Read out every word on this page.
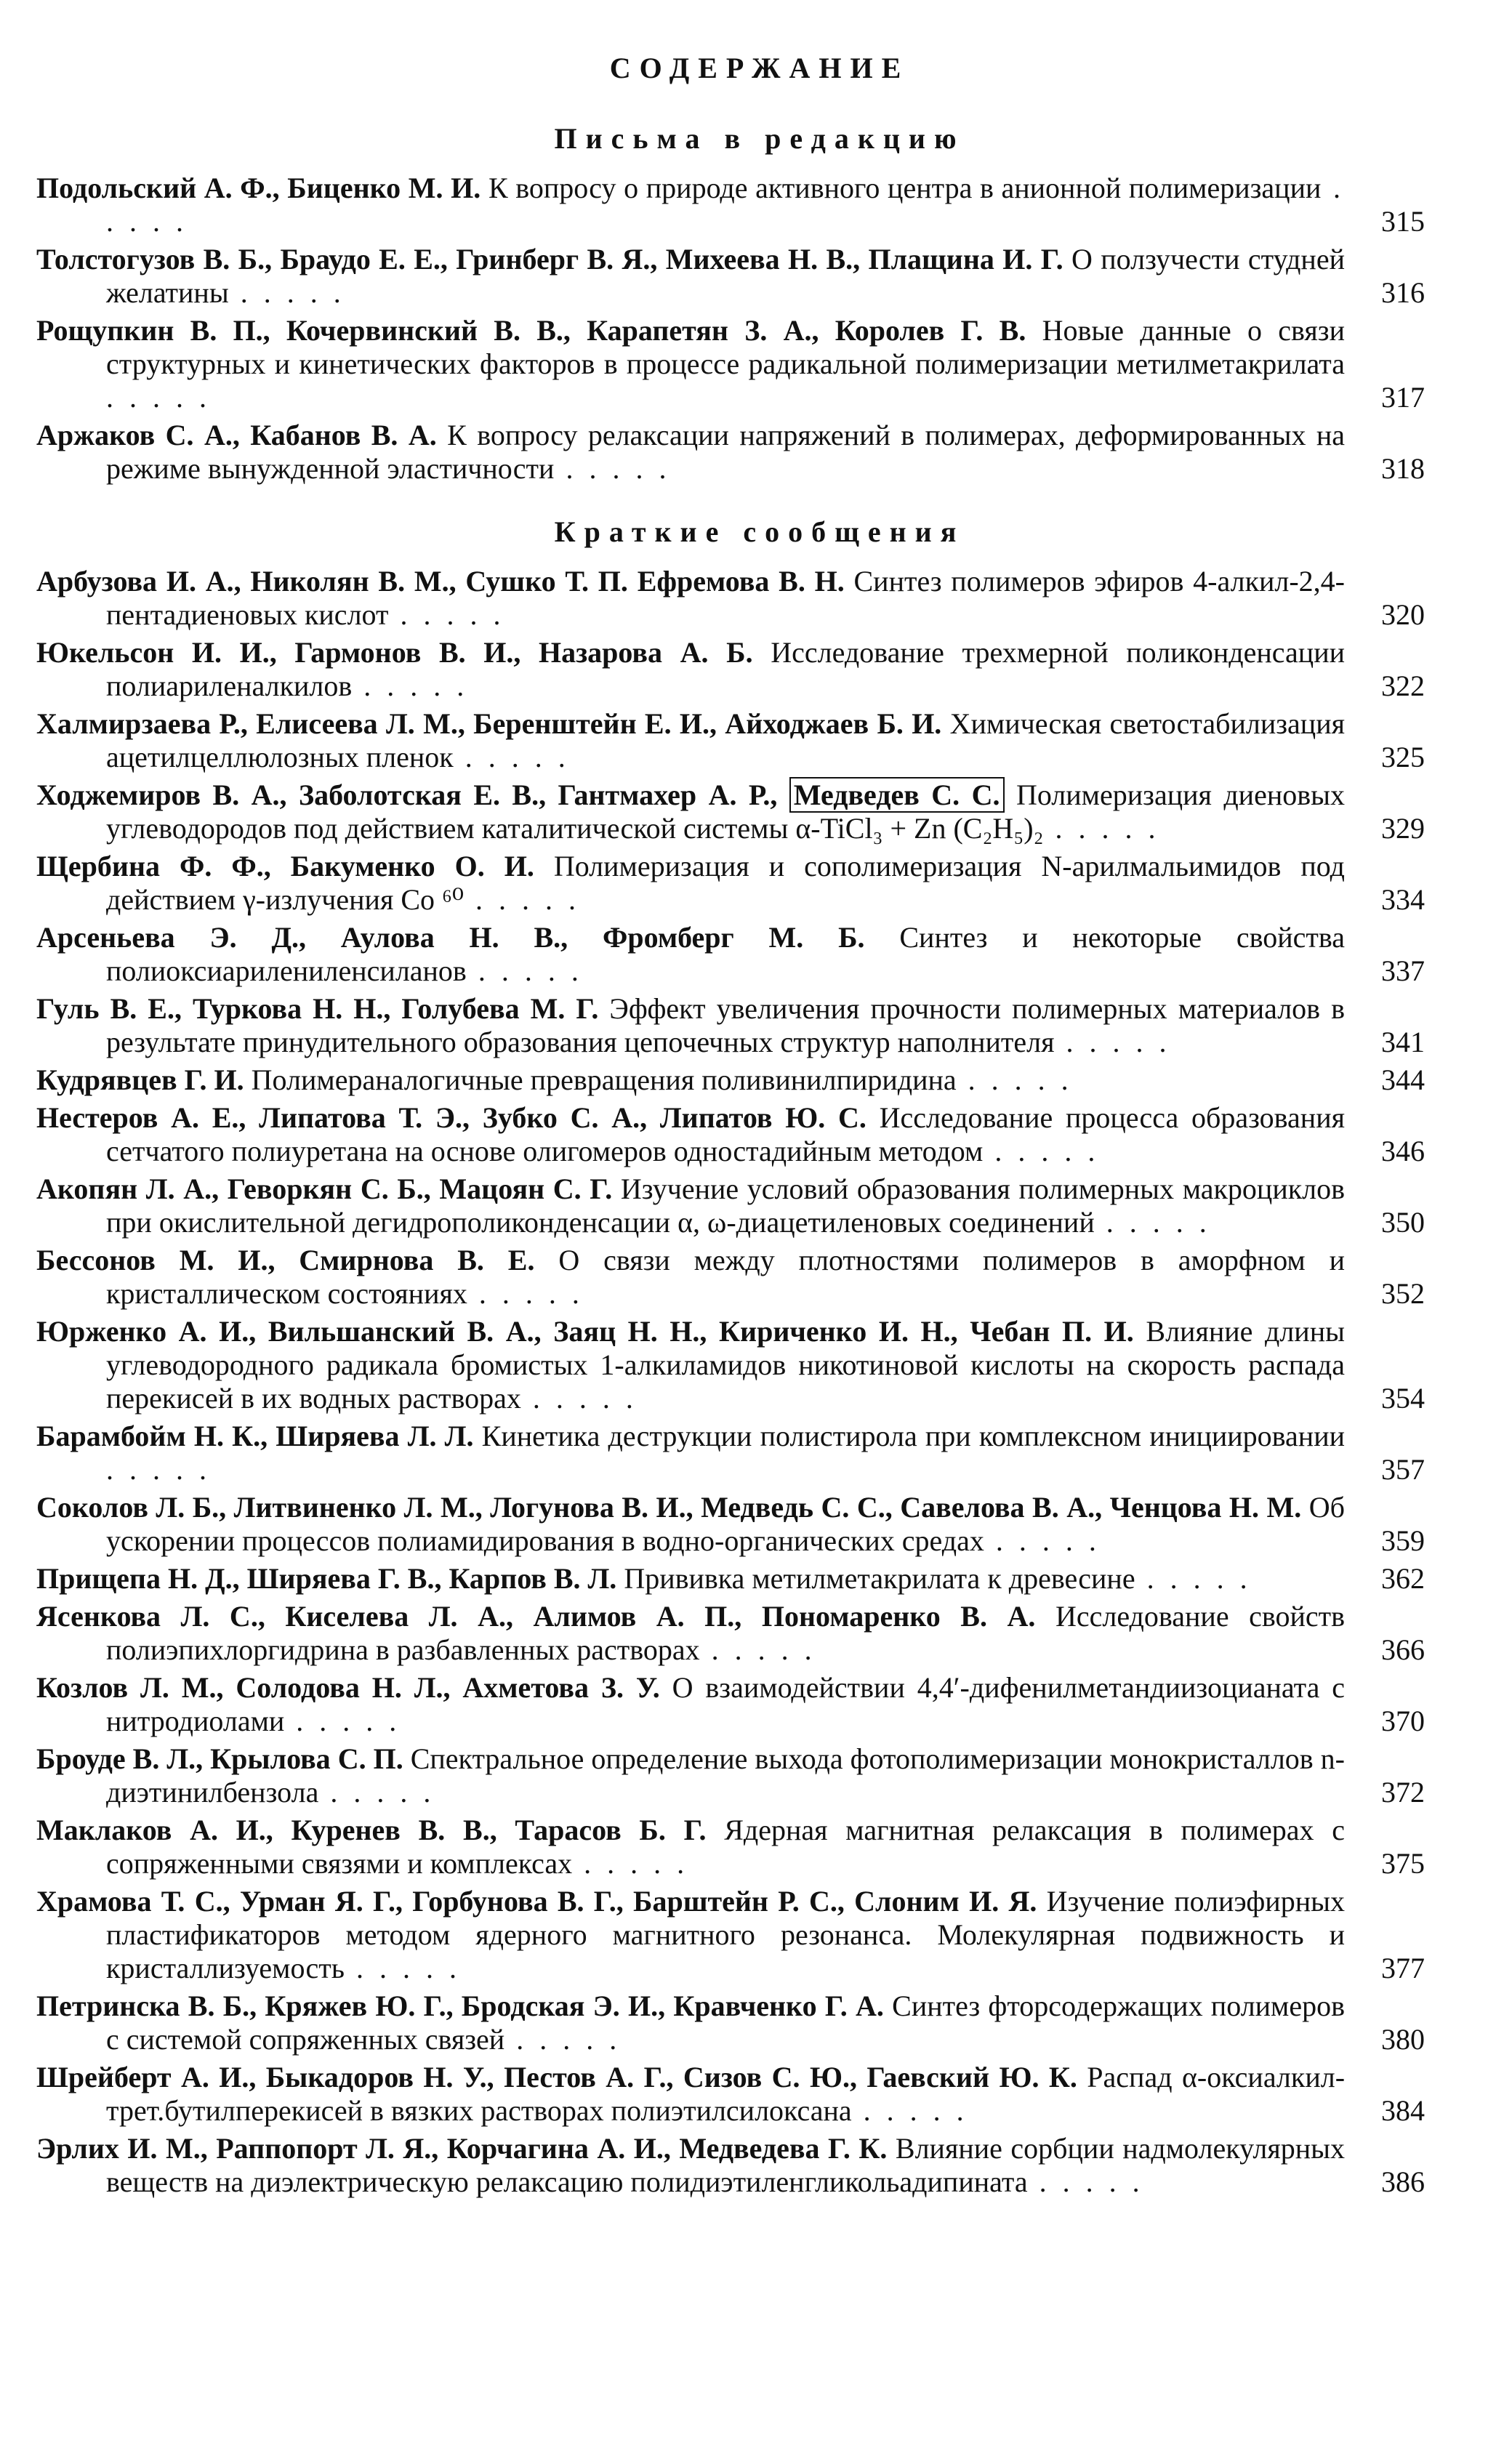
СОДЕРЖАНИЕ
Письма в редакцию
Подольский А. Ф., Биценко М. И. К вопросу о природе активного центра в анионной полимеризации . . . . .	315
Толстогузов В. Б., Браудо Е. Е., Гринберг В. Я., Михеева Н. В., Плащина И. Г. О ползучести студней желатины . . . . .	316
Рощупкин В. П., Кочервинский В. В., Карапетян З. А., Королев Г. В. Новые данные о связи структурных и кинетических факторов в процессе радикальной полимеризации метилметакрилата . . . . .	317
Аржаков С. А., Кабанов В. А. К вопросу релаксации напряжений в полимерах, деформированных на режиме вынужденной эластичности . . . . .	318
Краткие сообщения
Арбузова И. А., Николян В. М., Сушко Т. П. Ефремова В. Н. Синтез полимеров эфиров 4-алкил-2,4-пентадиеновых кислот . . . . .	320
Юкельсон И. И., Гармонов В. И., Назарова А. Б. Исследование трехмерной поликонденсации полиариленалкилов . . . . .	322
Халмирзаева Р., Елисеева Л. М., Беренштейн Е. И., Айходжаев Б. И. Химическая светостабилизация ацетилцеллюлозных пленок . . . . .	325
Ходжемиров В. А., Заболотская Е. В., Гантмахер А. Р., Медведев С. С. Полимеризация диеновых углеводородов под действием каталитической системы α-TiCl₃ + Zn (C₂H₅)₂ . . . . .	329
Щербина Ф. Ф., Бакуменко О. И. Полимеризация и сополимеризация N-арилмальимидов под действием γ-излучения Co ⁶⁰ . . . . .	334
Арсеньева Э. Д., Аулова Н. В., Фромберг М. Б. Синтез и некоторые свойства полиоксиарилениленсиланов . . . . .	337
Гуль В. Е., Туркова Н. Н., Голубева М. Г. Эффект увеличения прочности полимерных материалов в результате принудительного образования цепочечных структур наполнителя . . . . .	341
Кудрявцев Г. И. Полимераналогичные превращения поливинилпиридина . . . . .	344
Нестеров А. Е., Липатова Т. Э., Зубко С. А., Липатов Ю. С. Исследование процесса образования сетчатого полиуретана на основе олигомеров одностадийным методом . . . . .	346
Акопян Л. А., Геворкян С. Б., Мацоян С. Г. Изучение условий образования полимерных макроциклов при окислительной дегидрополиконденсации α, ω-диацетиленовых соединений . . . . .	350
Бессонов М. И., Смирнова В. Е. О связи между плотностями полимеров в аморфном и кристаллическом состояниях . . . . .	352
Юрженко А. И., Вильшанский В. А., Заяц Н. Н., Кириченко И. Н., Чебан П. И. Влияние длины углеводородного радикала бромистых 1-алкиламидов никотиновой кислоты на скорость распада перекисей в их водных растворах . . . . .	354
Барамбойм Н. К., Ширяева Л. Л. Кинетика деструкции полистирола при комплексном инициировании . . . . .	357
Соколов Л. Б., Литвиненко Л. М., Логунова В. И., Медведь С. С., Савелова В. А., Ченцова Н. М. Об ускорении процессов полиамидирования в водно-органических средах . . . . .	359
Прищепа Н. Д., Ширяева Г. В., Карпов В. Л. Прививка метилметакрилата к древесине . . . . .	362
Ясенкова Л. С., Киселева Л. А., Алимов А. П., Пономаренко В. А. Исследование свойств полиэпихлоргидрина в разбавленных растворах . . . . .	366
Козлов Л. М., Солодова Н. Л., Ахметова З. У. О взаимодействии 4,4′-дифенилметандиизоцианата с нитродиолами . . . . .	370
Броуде В. Л., Крылова С. П. Спектральное определение выхода фотополимеризации монокристаллов n-диэтинилбензола . . . . .	372
Маклаков А. И., Куренев В. В., Тарасов Б. Г. Ядерная магнитная релаксация в полимерах с сопряженными связями и комплексах . . . . .	375
Храмова Т. С., Урман Я. Г., Горбунова В. Г., Барштейн Р. С., Слоним И. Я. Изучение полиэфирных пластификаторов методом ядерного магнитного резонанса. Молекулярная подвижность и кристаллизуемость . . . . .	377
Петринска В. Б., Кряжев Ю. Г., Бродская Э. И., Кравченко Г. А. Синтез фторсодержащих полимеров с системой сопряженных связей . . . . .	380
Шрейберт А. И., Быкадоров Н. У., Пестов А. Г., Сизов С. Ю., Гаевский Ю. К. Распад α-оксиалкил-трет.бутилперекисей в вязких растворах полиэтилсилоксана . . . . .	384
Эрлих И. М., Раппопорт Л. Я., Корчагина А. И., Медведева Г. К. Влияние сорбции надмолекулярных веществ на диэлектрическую релаксацию полидиэтиленгликольадипината . . . . .	386
